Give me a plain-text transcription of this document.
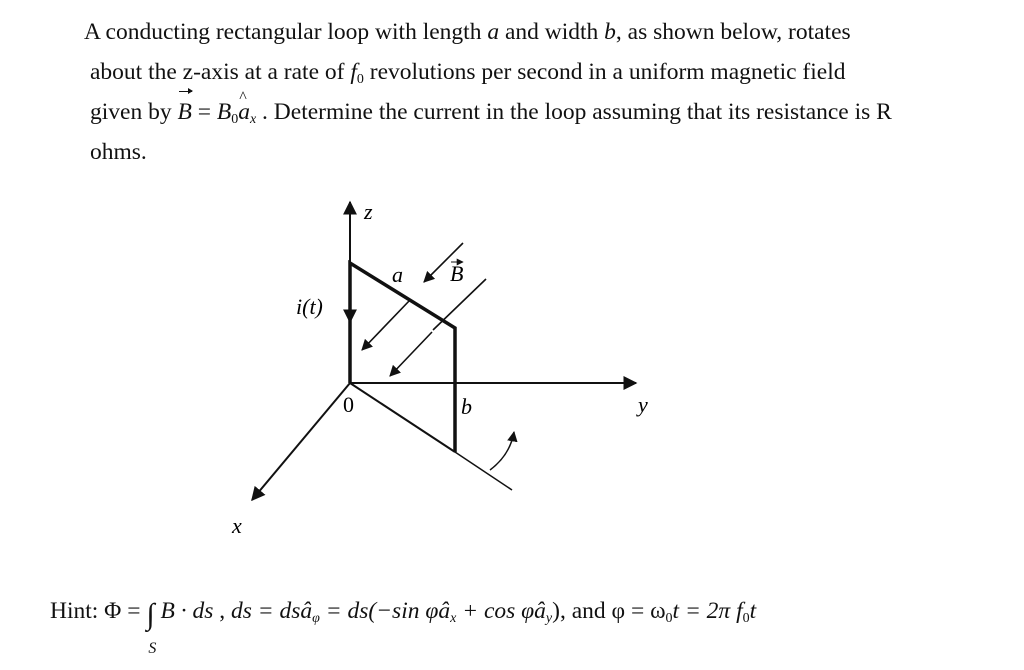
A conducting rectangular loop with length a and width b, as shown below, rotates
about the z-axis at a rate of $f_0$ revolutions per second in a uniform magnetic field
given by $B = B_0\^{}$ $a_x$ . Determine the current in the loop assuming that its resistance is R
ohms.
z
y
x
0
a
b
B
i(t)
Hint: Φ = ∫
S
B · ds , ds = dsâ$_\varphi$ = ds(−sin $\varphi â_x + \cos$ $\varphi â_y$), and $\varphi = \omega_0t = 2\pi$ $f_0t$
